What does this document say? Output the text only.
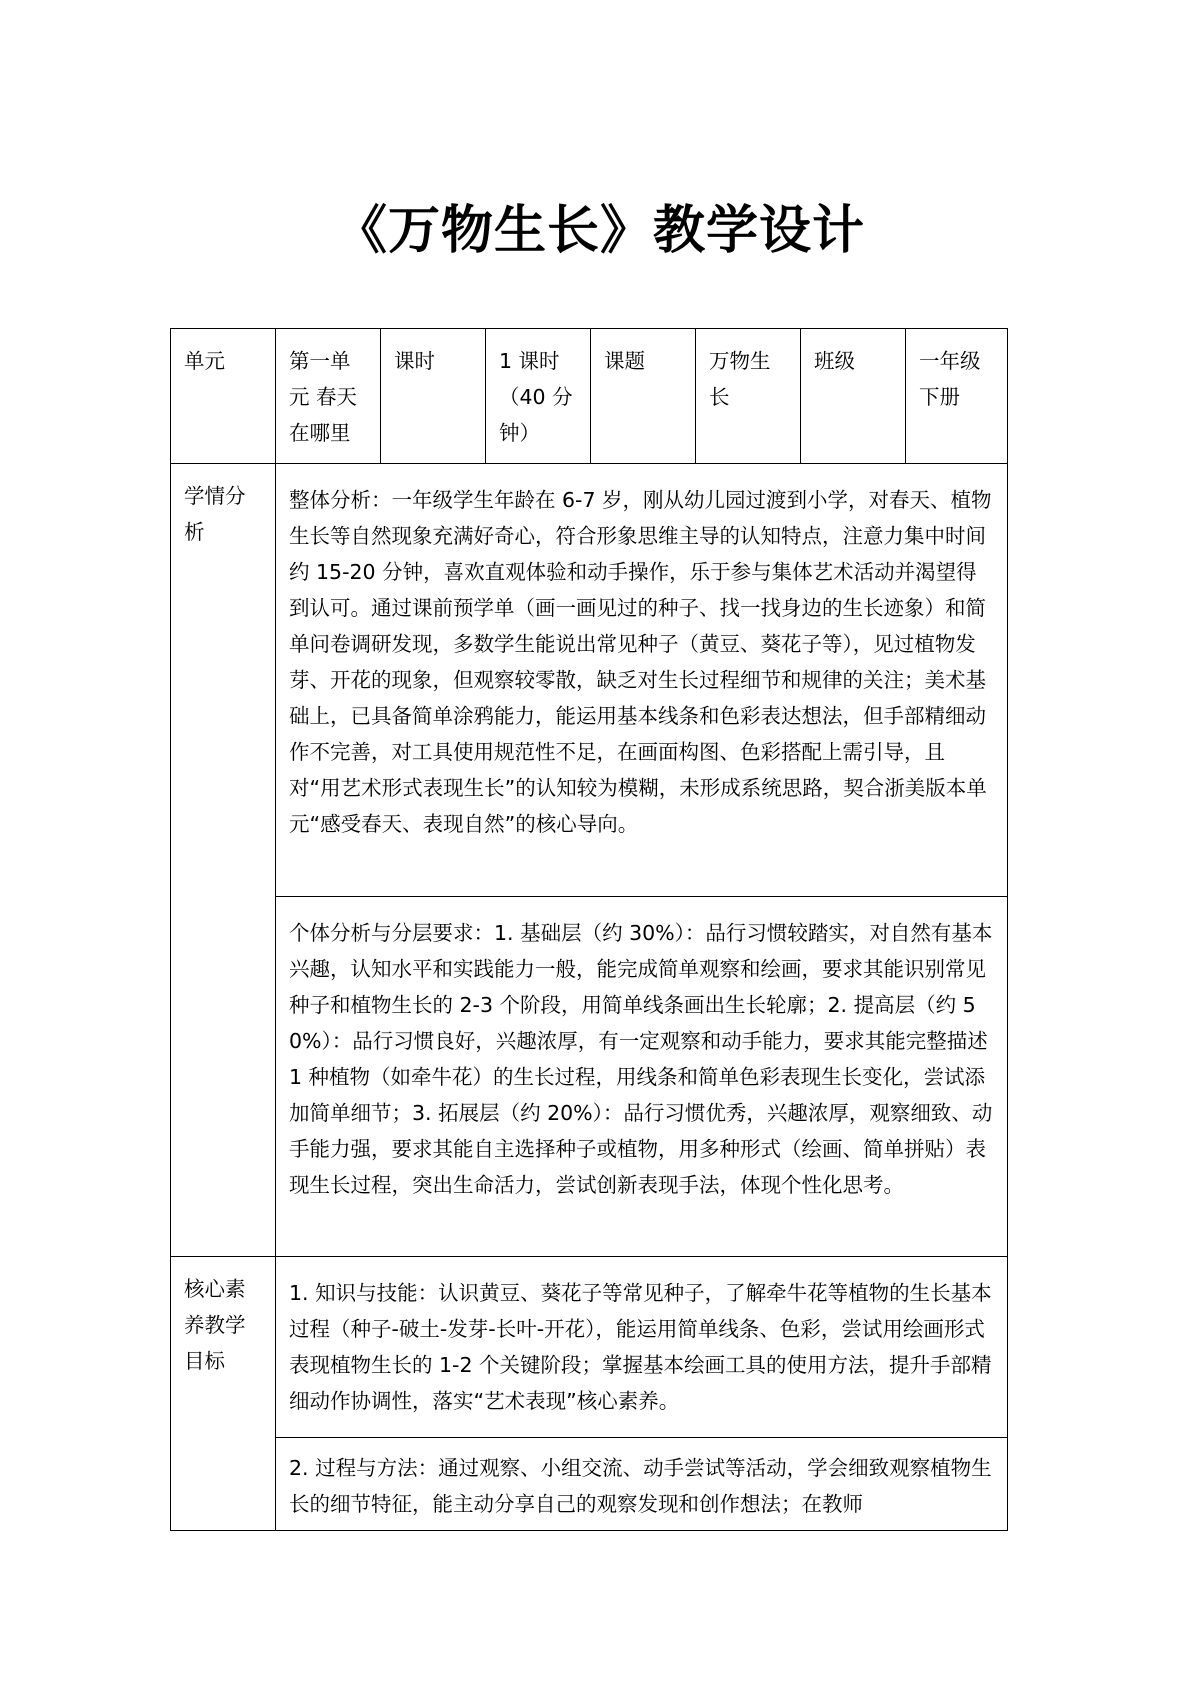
《万物生长》教学设计
单元	第一单元 春天在哪里	课时	1 课时（40 分钟）	课题	万物生长	班级	一年级下册
学情分析	整体分析：一年级学生年龄在 6-7 岁，刚从幼儿园过渡到小学，对春天、植物生长等自然现象充满好奇心，符合形象思维主导的认知特点，注意力集中时间约 15-20 分钟，喜欢直观体验和动手操作，乐于参与集体艺术活动并渴望得到认可。通过课前预学单（画一画见过的种子、找一找身边的生长迹象）和简单问卷调研发现，多数学生能说出常见种子（黄豆、葵花子等），见过植物发芽、开花的现象，但观察较零散，缺乏对生长过程细节和规律的关注；美术基础上，已具备简单涂鸦能力，能运用基本线条和色彩表达想法，但手部精细动作不完善，对工具使用规范性不足，在画面构图、色彩搭配上需引导，且对“用艺术形式表现生长”的认知较为模糊，未形成系统思路，契合浙美版本单元“感受春天、表现自然”的核心导向。						
	个体分析与分层要求：1. 基础层（约 30%）：品行习惯较踏实，对自然有基本兴趣，认知水平和实践能力一般，能完成简单观察和绘画，要求其能识别常见种子和植物生长的 2-3 个阶段，用简单线条画出生长轮廓；2. 提高层（约 50%）：品行习惯良好，兴趣浓厚，有一定观察和动手能力，要求其能完整描述 1 种植物（如牵牛花）的生长过程，用线条和简单色彩表现生长变化，尝试添加简单细节；3. 拓展层（约 20%）：品行习惯优秀，兴趣浓厚，观察细致、动手能力强，要求其能自主选择种子或植物，用多种形式（绘画、简单拼贴）表现生长过程，突出生命活力，尝试创新表现手法，体现个性化思考。						
核心素养教学目标	1. 知识与技能：认识黄豆、葵花子等常见种子，了解牵牛花等植物的生长基本过程（种子-破土-发芽-长叶-开花），能运用简单线条、色彩，尝试用绘画形式表现植物生长的 1-2 个关键阶段；掌握基本绘画工具的使用方法，提升手部精细动作协调性，落实“艺术表现”核心素养。						

	2. 过程与方法：通过观察、小组交流、动手尝试等活动，学会细致观察植物生长的细节特征，能主动分享自己的观察发现和创作想法；在教师						
